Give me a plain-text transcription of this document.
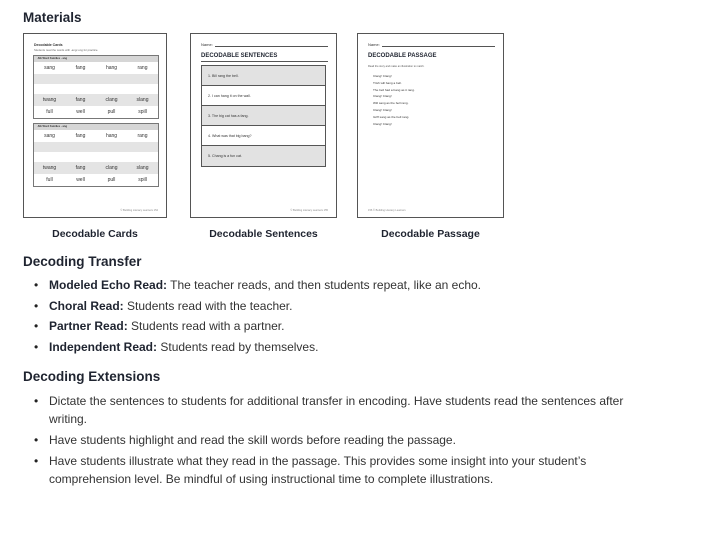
Materials
Decodable Cards
Students read the words with ‑ang/‑ong for practice.
-NG Word Families - ang
sang	fang	hang	rang
twang	fang	clang	slang
full	well	pull	spill
-NG Word Families - ang
sang	fang	hang	rang
twang	fang	clang	slang
full	well	pull	spill
© Building Literacy Learners 154
Decodable Cards
Name:
DECODABLE SENTENCES
1. Bill rang the bell.
2. I can hang it on the wall.
3. The big cat has a fang.
4. What was that big bang?
5. Chang is a fun cat.
© Building Literacy Learners 155
Decodable Sentences
Name:
DECODABLE PASSAGE
Read the story and make an illustration to match.
Clang! Clang!
Trish will bang a bell.
The bell had a bang as it rang.
Clang! Clang!
Will sang as the bell rang.
Clang! Clang!
Griff sang as the bell rang.
Clang! Clang!
156 © Building Literacy Learners
Decodable Passage
Decoding Transfer
• Modeled Echo Read: The teacher reads, and then students repeat, like an echo.
• Choral Read: Students read with the teacher.
• Partner Read: Students read with a partner.
• Independent Read: Students read by themselves.
Decoding Extensions
• Dictate the sentences to students for additional transfer in encoding. Have students read the sentences after writing.
• Have students highlight and read the skill words before reading the passage.
• Have students illustrate what they read in the passage. This provides some insight into your student’s comprehension level. Be mindful of using instructional time to complete illustrations.
